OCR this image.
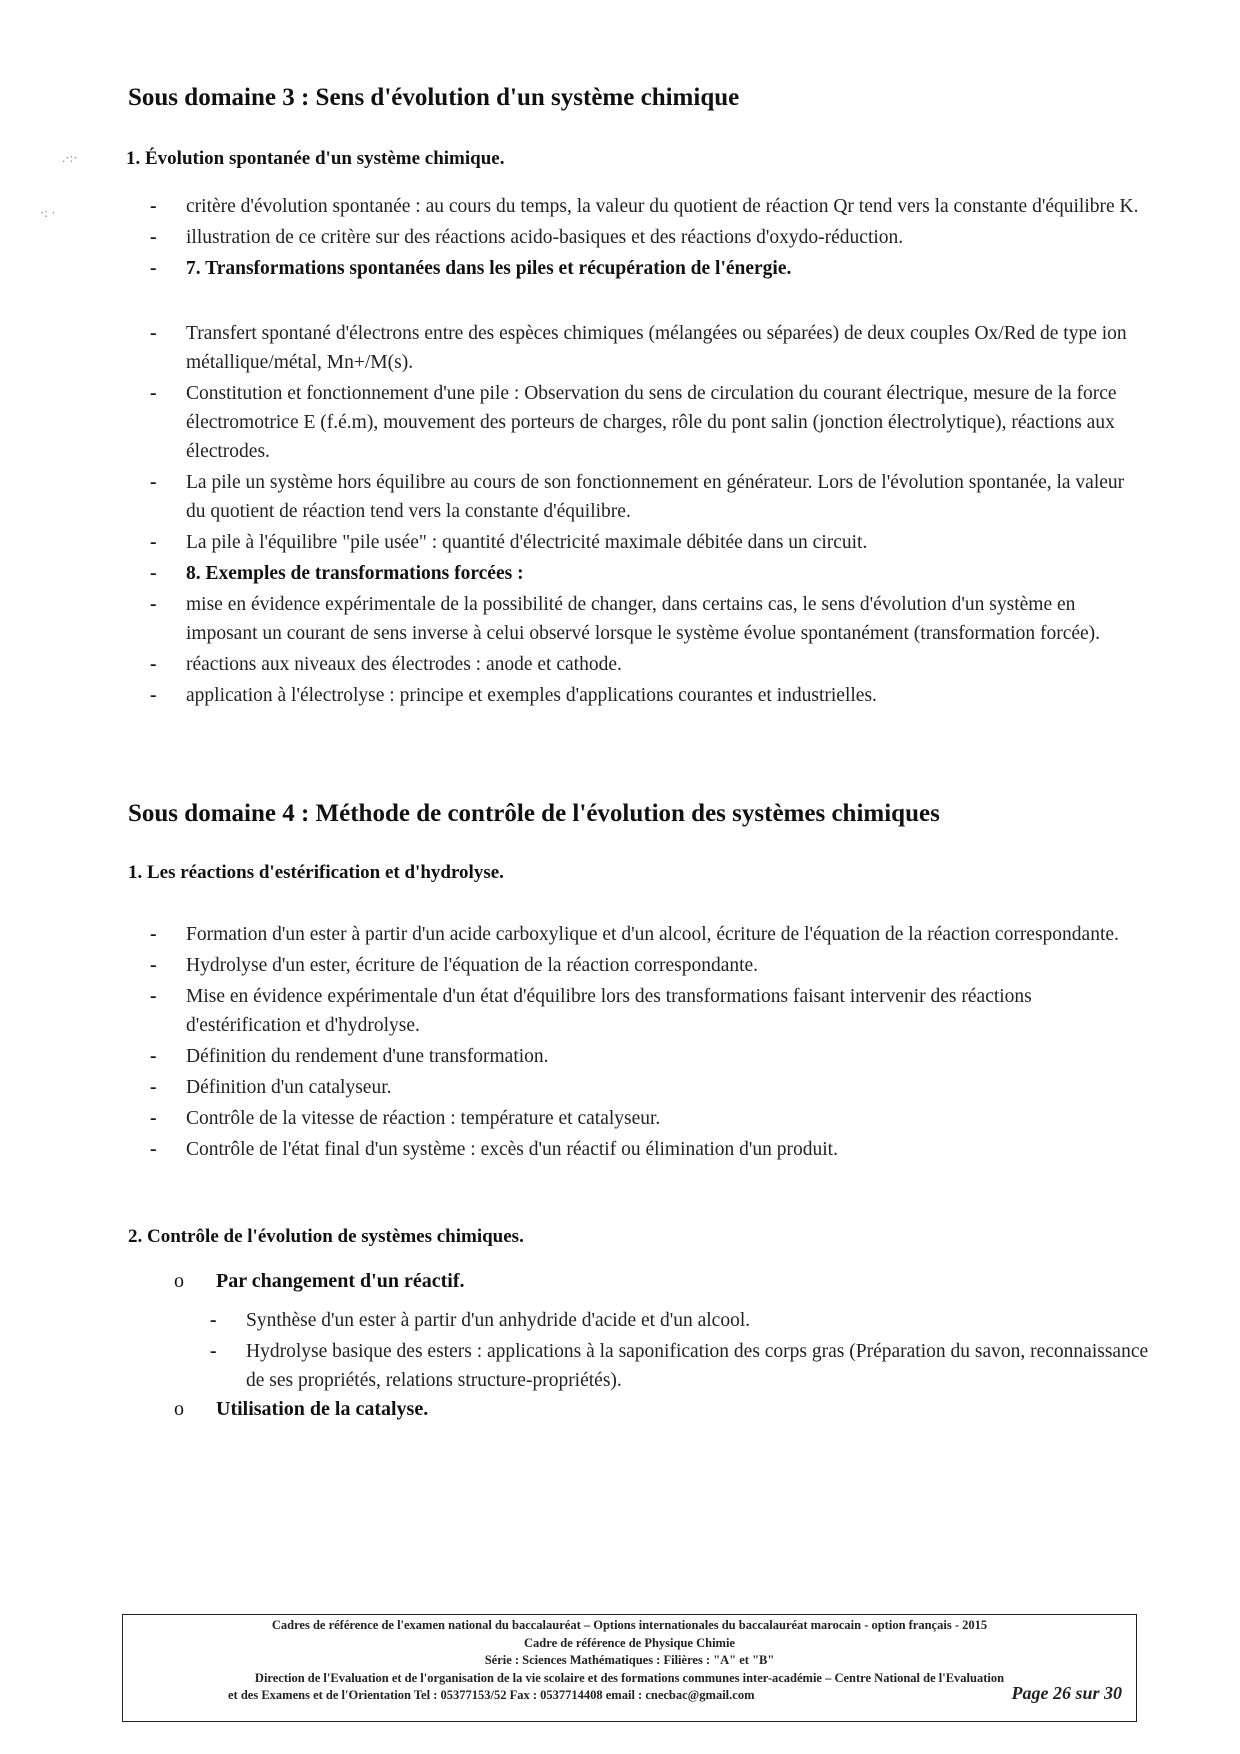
Sous domaine 3 : Sens d'évolution d'un système chimique
1. Évolution spontanée d'un système chimique.
.·:·
·: ·	- critère d'évolution spontanée : au cours du temps, la valeur du quotient de réaction Qr tend vers la constante d'équilibre K.
- illustration de ce critère sur des réactions acido-basiques et des réactions d'oxydo-réduction.
- 7. Transformations spontanées dans les piles et récupération de l'énergie.
- Transfert spontané d'électrons entre des espèces chimiques (mélangées ou séparées) de deux couples Ox/Red de type ion métallique/métal, Mn+/M(s).
- Constitution et fonctionnement d'une pile : Observation du sens de circulation du courant électrique, mesure de la force électromotrice E (f.é.m), mouvement des porteurs de charges, rôle du pont salin (jonction électrolytique), réactions aux électrodes.
- La pile un système hors équilibre au cours de son fonctionnement en générateur. Lors de l'évolution spontanée, la valeur du quotient de réaction tend vers la constante d'équilibre.
- La pile à l'équilibre "pile usée" : quantité d'électricité maximale débitée dans un circuit.
- 8. Exemples de transformations forcées :
- mise en évidence expérimentale de la possibilité de changer, dans certains cas, le sens d'évolution d'un système en imposant un courant de sens inverse à celui observé lorsque le système évolue spontanément (transformation forcée).
- réactions aux niveaux des électrodes : anode et cathode.
- application à l'électrolyse : principe et exemples d'applications courantes et industrielles.
Sous domaine 4 : Méthode de contrôle de l'évolution des systèmes chimiques
1. Les réactions d'estérification et d'hydrolyse.
- Formation d'un ester à partir d'un acide carboxylique et d'un alcool, écriture de l'équation de la réaction correspondante.
- Hydrolyse d'un ester, écriture de l'équation de la réaction correspondante.
- Mise en évidence expérimentale d'un état d'équilibre lors des transformations faisant intervenir des réactions d'estérification et d'hydrolyse.
- Définition du rendement d'une transformation.
- Définition d'un catalyseur.
- Contrôle de la vitesse de réaction : température et catalyseur.
- Contrôle de l'état final d'un système : excès d'un réactif ou élimination d'un produit.
2. Contrôle de l'évolution de systèmes chimiques.
o Par changement d'un réactif.
- Synthèse d'un ester à partir d'un anhydride d'acide et d'un alcool.
- Hydrolyse basique des esters : applications à la saponification des corps gras (Préparation du savon, reconnaissance de ses propriétés, relations structure-propriétés).
o Utilisation de la catalyse.
Cadres de référence de l'examen national du baccalauréat – Options internationales du baccalauréat marocain - option français - 2015
Cadre de référence de Physique Chimie
Série : Sciences Mathématiques : Filières : "A" et "B"
Direction de l'Evaluation et de l'organisation de la vie scolaire et des formations communes inter-académie – Centre National de l'Evaluation
et des Examens et de l'Orientation Tel : 05377153/52 Fax : 0537714408 email : cnecbac@gmail.com	Page 26 sur 30
